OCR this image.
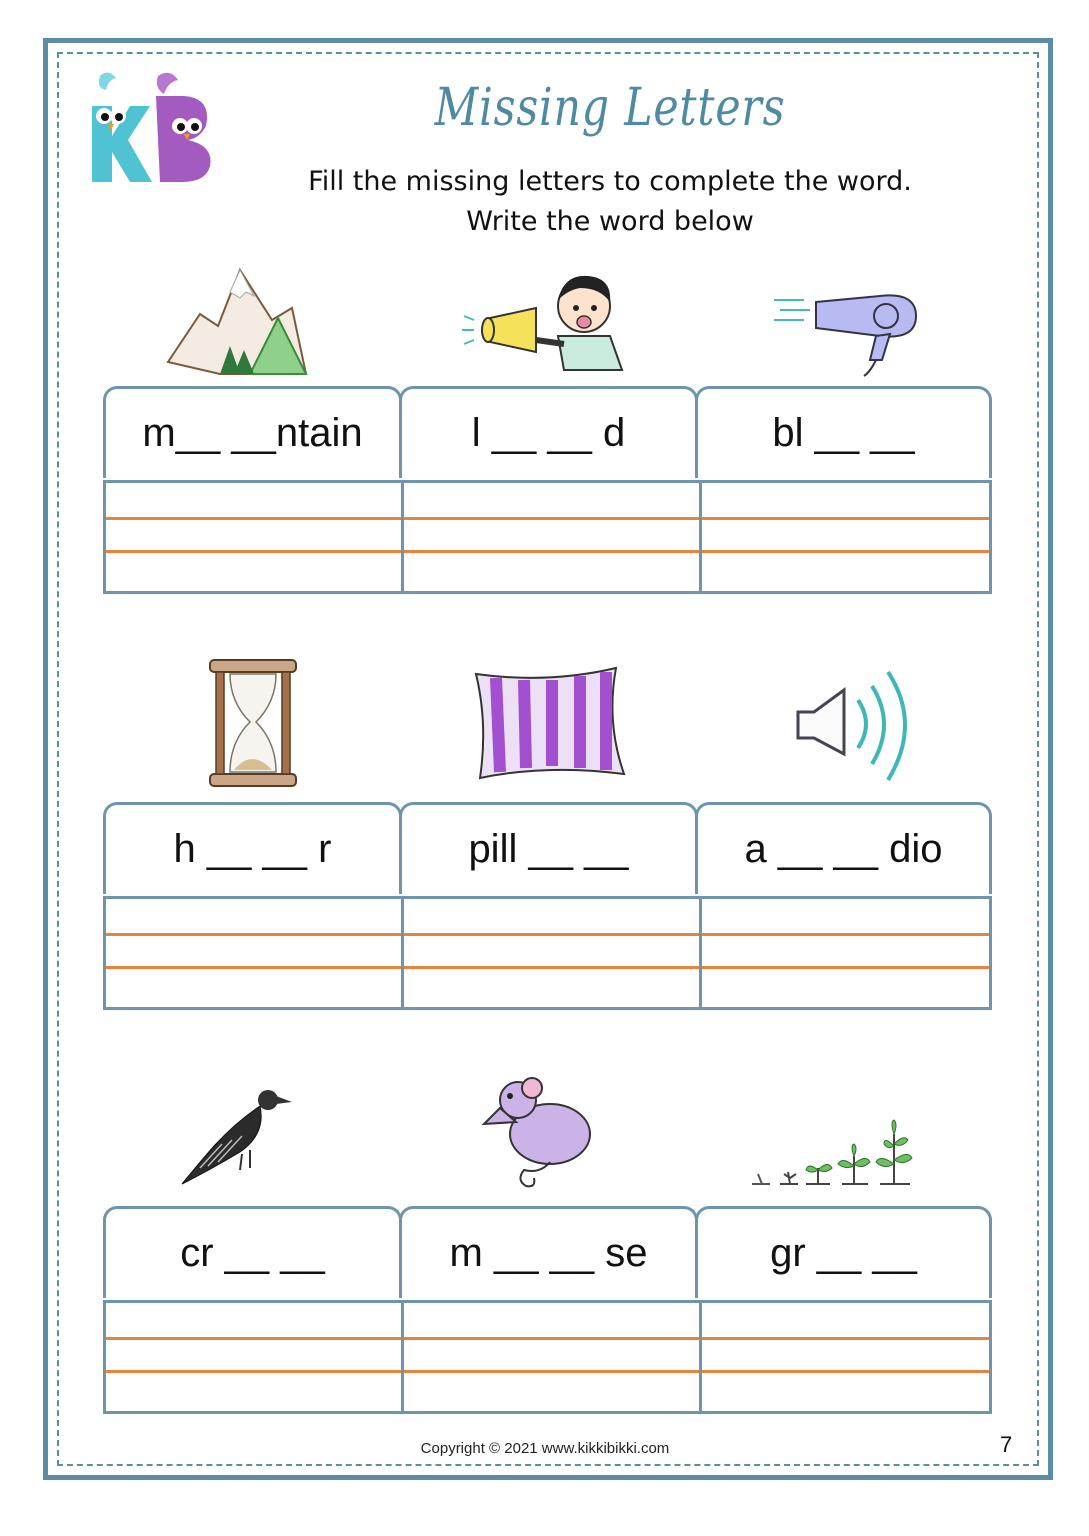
Missing Letters
Fill the missing letters to complete the word.
Write the word below
m__ __ntain	l __ __ d	bl __ __
h __ __ r	pill __ __	a __ __ dio
cr __ __	m __ __ se	gr __ __
Copyright © 2021 www.kikkibikki.com	7
